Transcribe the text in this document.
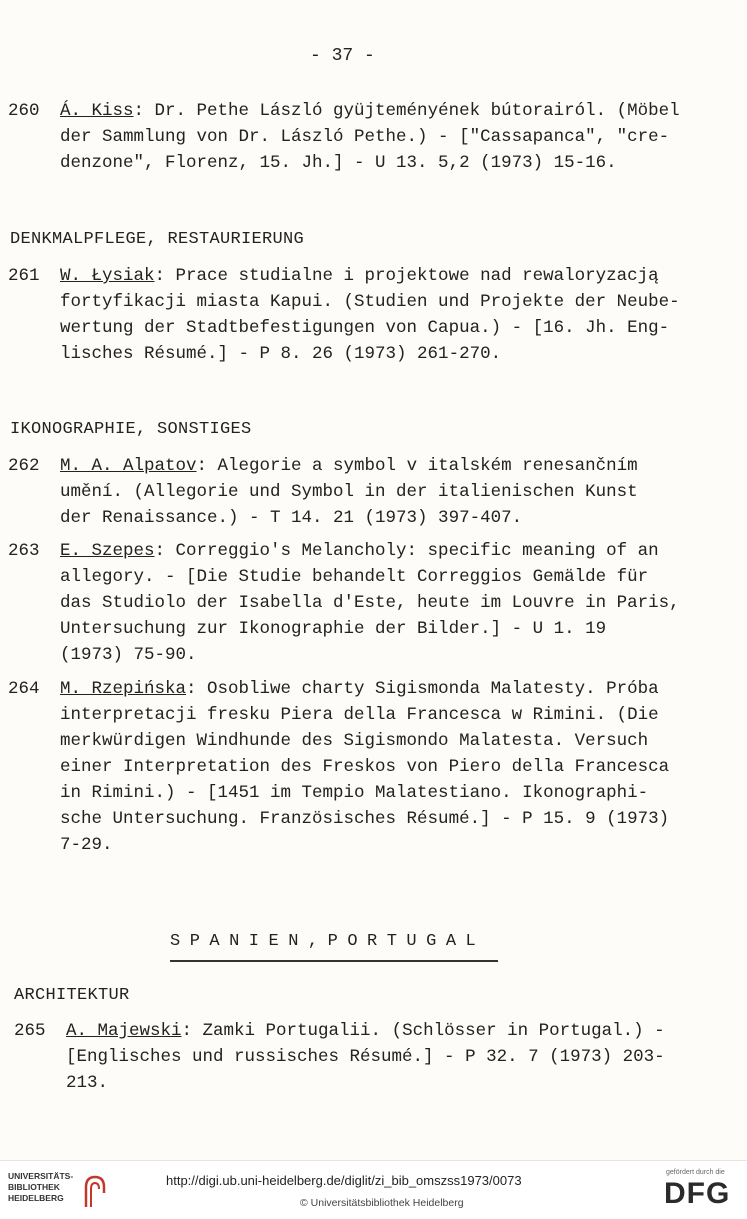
- 37 -
260 Á. Kiss: Dr. Pethe László gyüjteményének bútorairól. (Möbel
der Sammlung von Dr. László Pethe.) - ["Cassapanca", "cre-
denzone", Florenz, 15. Jh.] - U 13. 5,2 (1973) 15-16.
DENKMALPFLEGE, RESTAURIERUNG
261 W. Łysiak: Prace studialne i projektowe nad rewaloryzacją
fortyfikacji miasta Kapui. (Studien und Projekte der Neube-
wertung der Stadtbefestigungen von Capua.) - [16. Jh. Eng-
lisches Résumé.] - P 8. 26 (1973) 261-270.
IKONOGRAPHIE, SONSTIGES
262 M. A. Alpatov: Alegorie a symbol v italském renesančním
umění. (Allegorie und Symbol in der italienischen Kunst
der Renaissance.) - T 14. 21 (1973) 397-407.
263 E. Szepes: Correggio's Melancholy: specific meaning of an
allegory. - [Die Studie behandelt Correggios Gemälde für
das Studiolo der Isabella d'Este, heute im Louvre in Paris,
Untersuchung zur Ikonographie der Bilder.] - U 1. 19
(1973) 75-90.
264 M. Rzepińska: Osobliwe charty Sigismonda Malatesty. Próba
interpretacji fresku Piera della Francesca w Rimini. (Die
merkwürdigen Windhunde des Sigismondo Malatesta. Versuch
einer Interpretation des Freskos von Piero della Francesca
in Rimini.) - [1451 im Tempio Malatestiano. Ikonographi-
sche Untersuchung. Französisches Résumé.] - P 15. 9 (1973)
7-29.
SPANIEN,PORTUGAL
ARCHITEKTUR
265 A. Majewski: Zamki Portugalii. (Schlösser in Portugal.) -
[Englisches und russisches Résumé.] - P 32. 7 (1973) 203-
213.
UNIVERSITÄTS-
BIBLIOTHEK
HEIDELBERG
http://digi.ub.uni-heidelberg.de/diglit/zi_bib_omszss1973/0073
© Universitätsbibliothek Heidelberg
gefördert durch die
DFG
